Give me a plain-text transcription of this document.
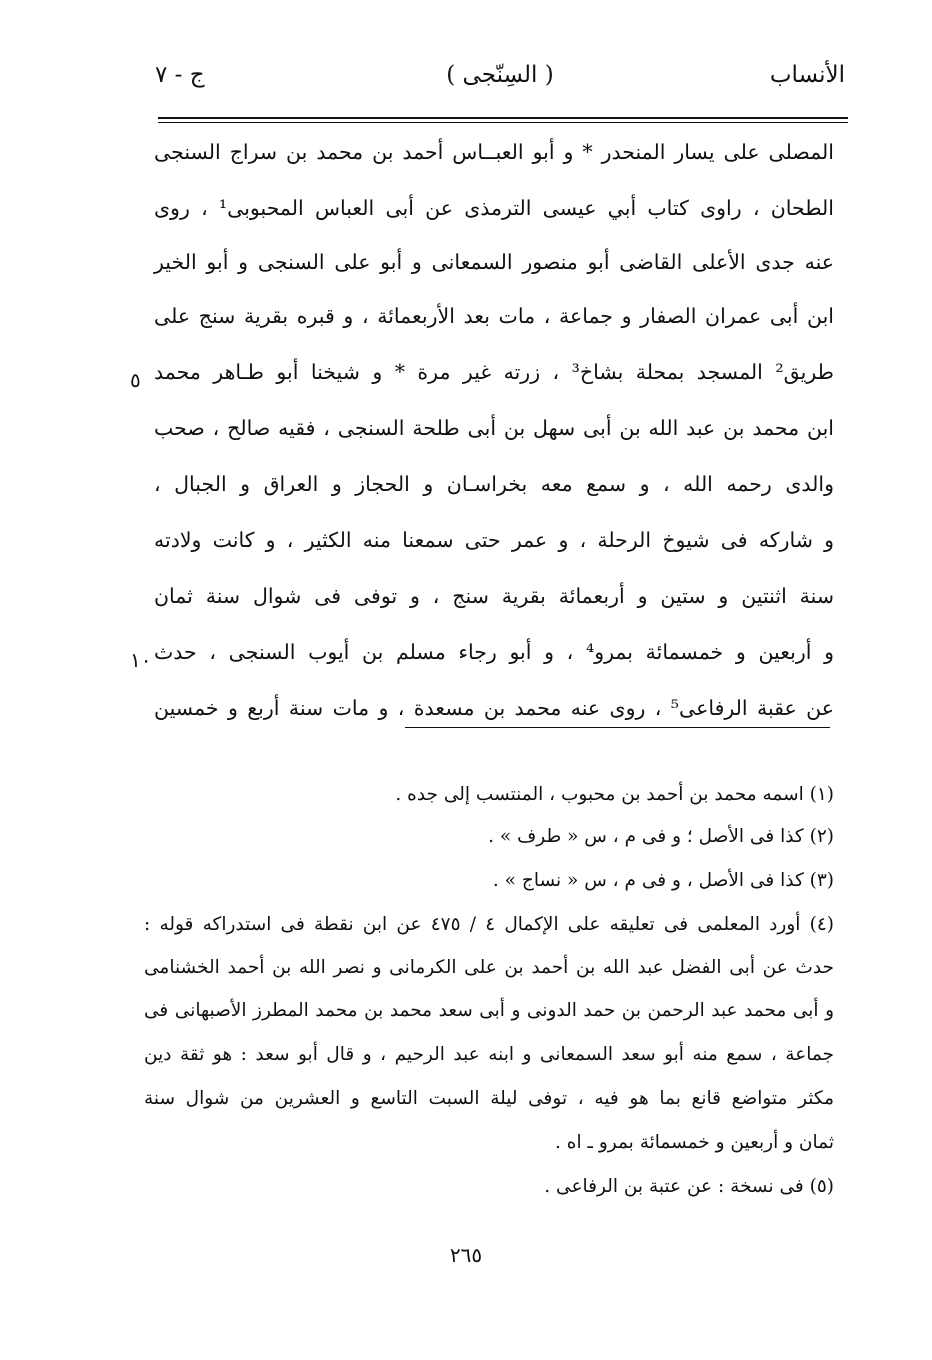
الأنساب
( السِنّجى )
ج - ٧
المصلى على يسار المنحدر * و أبو العبــاس أحمد بن محمد بن سراج السنجى
الطحان ، راوى كتاب أبي عيسى الترمذى عن أبى العباس المحبوبى¹ ، روى
عنه جدى الأعلى القاضى أبو منصور السمعانى و أبو على السنجى و أبو الخير
ابن أبى عمران الصفار و جماعة ، مات بعد الأربعمائة ، و قبره بقرية سنج على
طريق² المسجد بمحلة بشاخ³ ، زرته غير مرة * و شيخنا أبو طـاهر محمد
ابن محمد بن عبد الله بن أبى سهل بن أبى طلحة السنجى ، فقيه صالح ، صحب
والدى رحمه الله ، و سمع معه بخراسـان و الحجاز و العراق و الجبال ،
و شاركه فى شيوخ الرحلة ، و عمر حتى سمعنا منه الكثير ، و كانت ولادته
سنة اثنتين و ستين و أربعمائة بقرية سنج ، و توفى فى شوال سنة ثمان
و أربعين و خمسمائة بمرو⁴ ، و أبو رجاء مسلم بن أيوب السنجى ، حدث
عن عقبة الرفاعى⁵ ، روى عنه محمد بن مسعدة ، و مات سنة أربع و خمسين
٥
١٠
(١) اسمه محمد بن أحمد بن محبوب ، المنتسب إلى جده .
(٢) كذا فى الأصل ؛ و فى م ، س « طرف » .
(٣) كذا فى الأصل ، و فى م ، س « نساج » .
(٤) أورد المعلمى فى تعليقه على الإكمال ٤ / ٤٧٥ عن ابن نقطة فى استدراكه قوله :
حدث عن أبى الفضل عبد الله بن أحمد بن على الكرمانى و نصر الله بن أحمد الخشنامى
و أبى محمد عبد الرحمن بن حمد الدونى و أبى سعد محمد بن محمد المطرز الأصبهانى فى
جماعة ، سمع منه أبو سعد السمعانى و ابنه عبد الرحيم ، و قال أبو سعد : هو ثقة دين
مكثر متواضع قانع بما هو فيه ، توفى ليلة السبت التاسع و العشرين من شوال سنة
ثمان و أربعين و خمسمائة بمرو ـ اه .
(٥) فى نسخة : عن عتبة بن الرفاعى .
٢٦٥
